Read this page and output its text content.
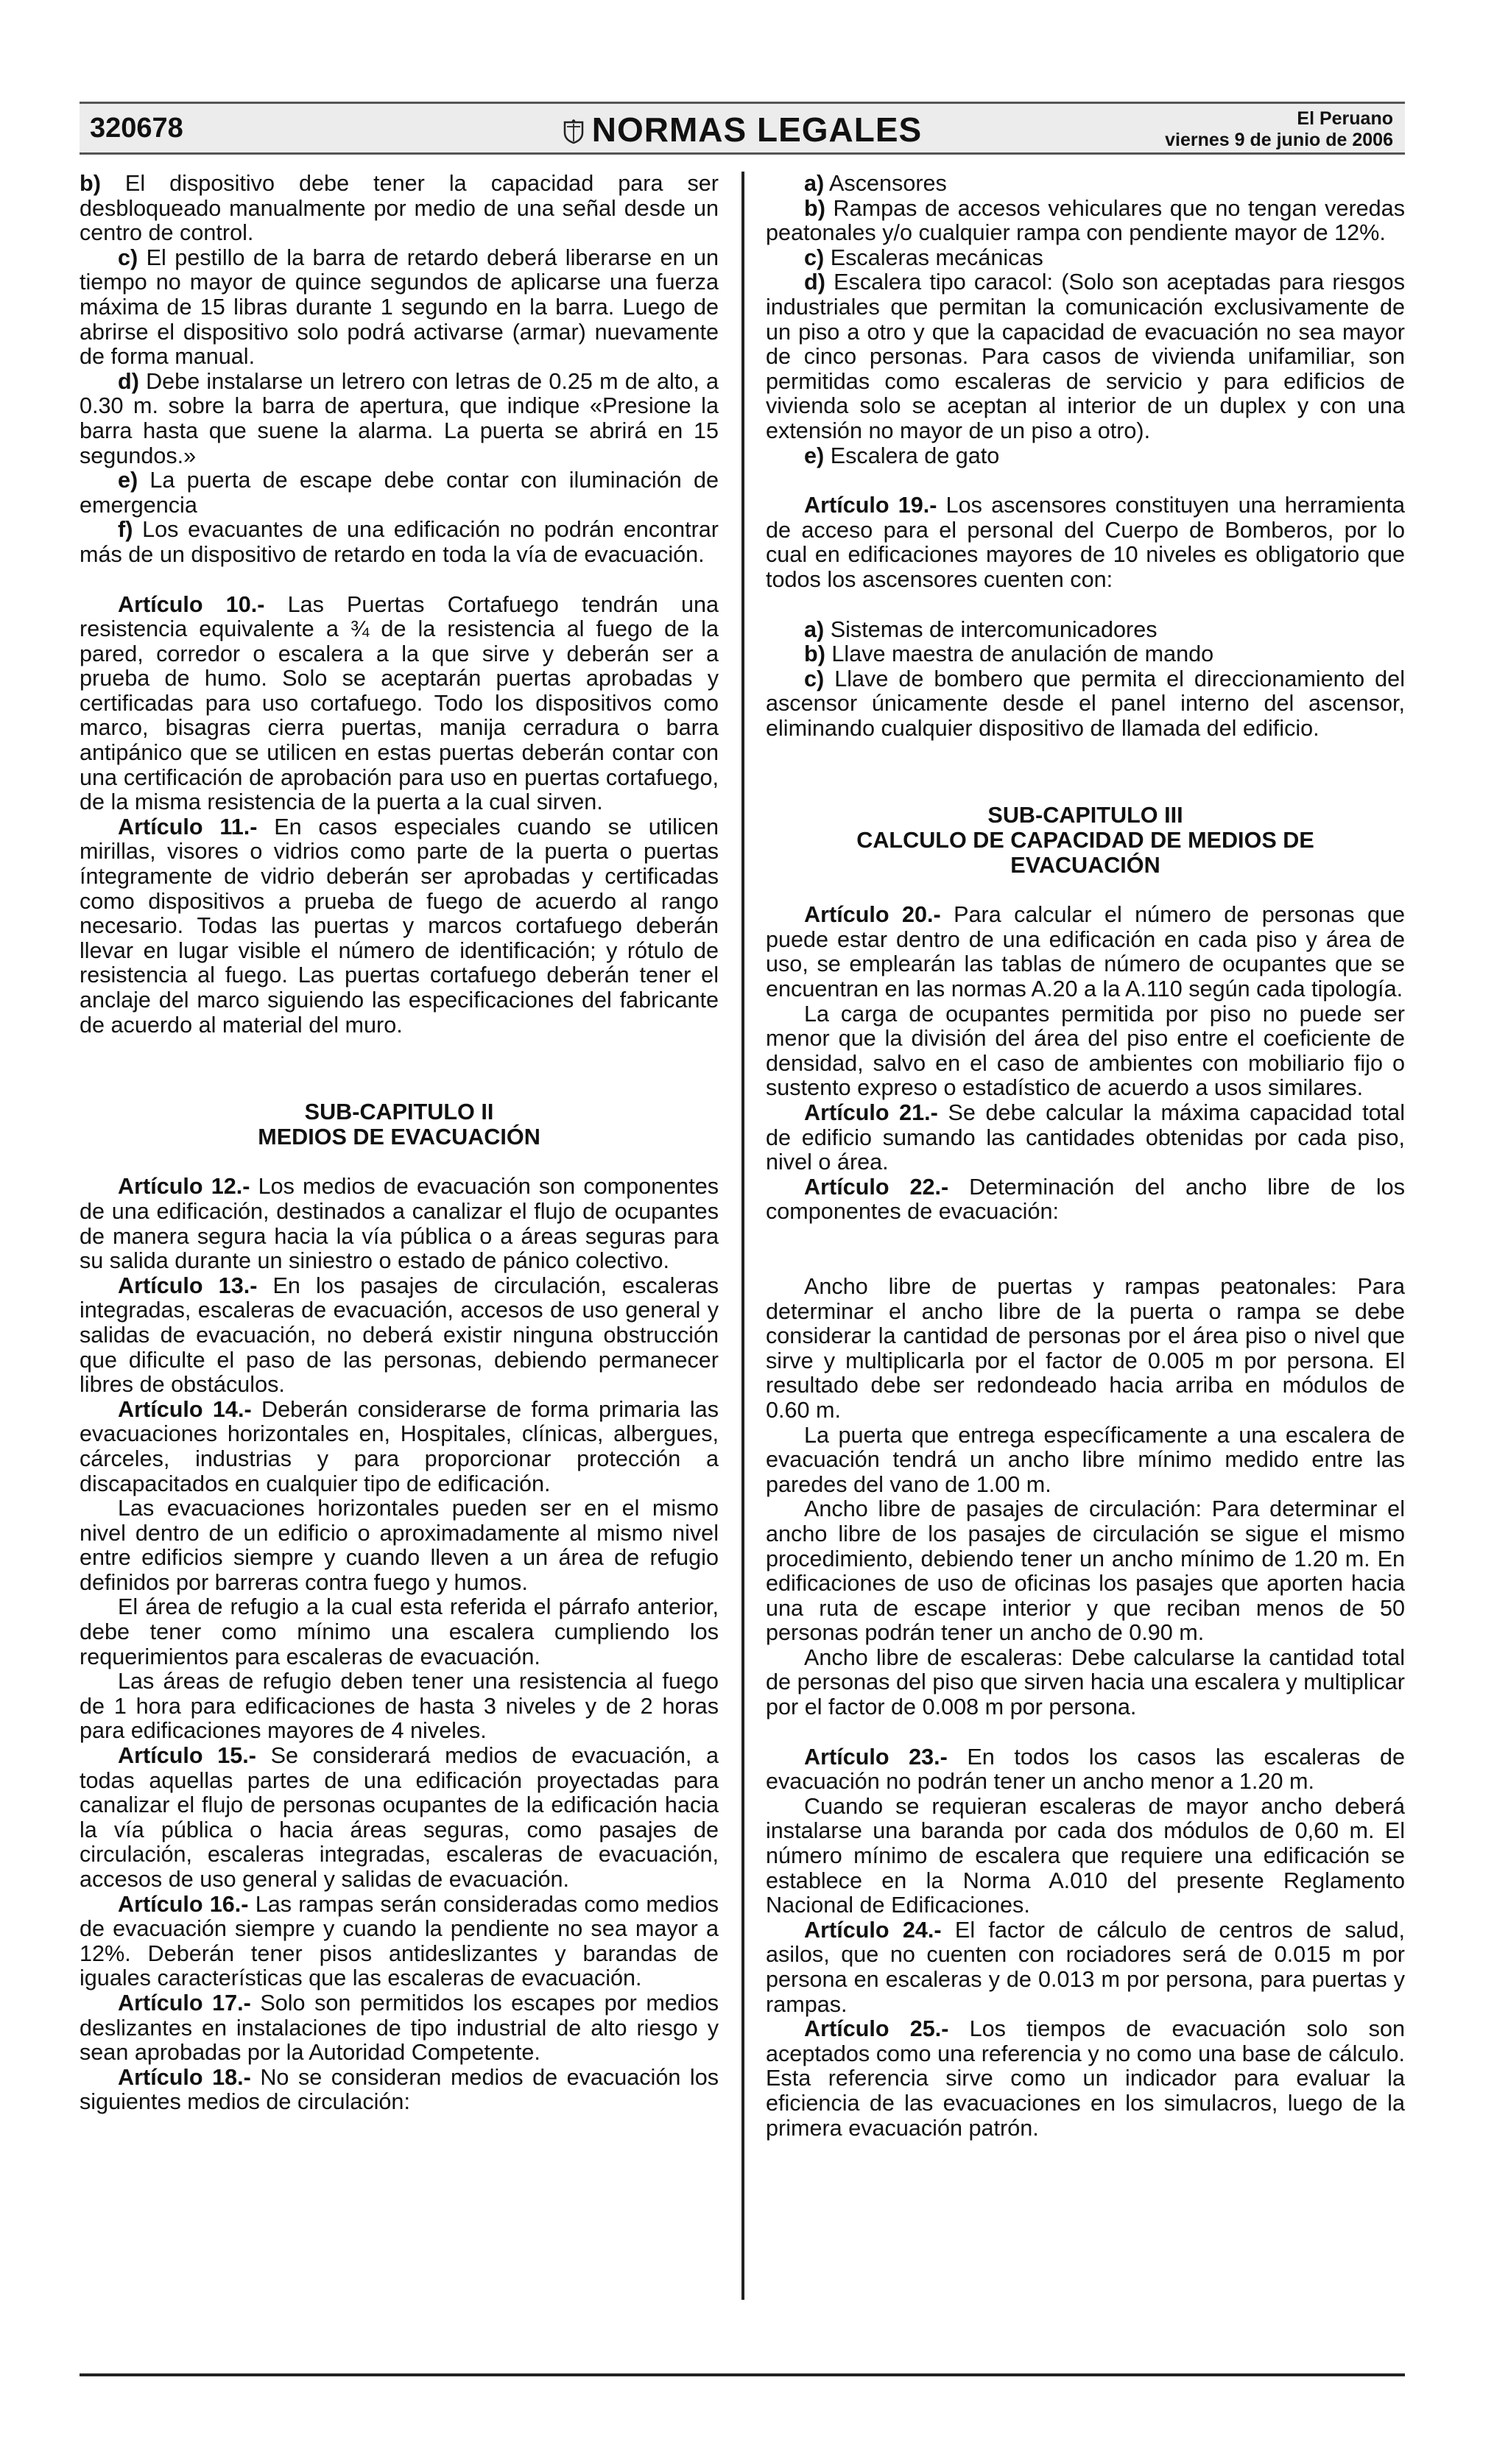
320678	NORMAS LEGALES	El Peruano
viernes 9 de junio de 2006

b) El dispositivo debe tener la capacidad para ser desbloqueado manualmente por medio de una señal desde un centro de control.

c) El pestillo de la barra de retardo deberá liberarse en un tiempo no mayor de quince segundos de aplicarse una fuerza máxima de 15 libras durante 1 segundo en la barra. Luego de abrirse el dispositivo solo podrá activarse (armar) nuevamente de forma manual.

d) Debe instalarse un letrero con letras de 0.25 m de alto, a 0.30 m. sobre la barra de apertura, que indique «Presione la barra hasta que suene la alarma. La puerta se abrirá en 15 segundos.»

e) La puerta de escape debe contar con iluminación de emergencia

f) Los evacuantes de una edificación no podrán encontrar más de un dispositivo de retardo en toda la vía de evacuación.

Artículo 10.- Las Puertas Cortafuego tendrán una resistencia equivalente a ¾ de la resistencia al fuego de la pared, corredor o escalera a la que sirve y deberán ser a prueba de humo. Solo se aceptarán puertas aprobadas y certificadas para uso cortafuego. Todo los dispositivos como marco, bisagras cierra puertas, manija cerradura o barra antipánico que se utilicen en estas puertas deberán contar con una certificación de aprobación para uso en puertas cortafuego, de la misma resistencia de la puerta a la cual sirven.

Artículo 11.- En casos especiales cuando se utilicen mirillas, visores o vidrios como parte de la puerta o puertas íntegramente de vidrio deberán ser aprobadas y certificadas como dispositivos a prueba de fuego de acuerdo al rango necesario. Todas las puertas y marcos cortafuego deberán llevar en lugar visible el número de identificación; y rótulo de resistencia al fuego. Las puertas cortafuego deberán tener el anclaje del marco siguiendo las especificaciones del fabricante de acuerdo al material del muro.

SUB-CAPITULO II
MEDIOS DE EVACUACIÓN

Artículo 12.- Los medios de evacuación son componentes de una edificación, destinados a canalizar el flujo de ocupantes de manera segura hacia la vía pública o a áreas seguras para su salida durante un siniestro o estado de pánico colectivo.

Artículo 13.- En los pasajes de circulación, escaleras integradas, escaleras de evacuación, accesos de uso general y salidas de evacuación, no deberá existir ninguna obstrucción que dificulte el paso de las personas, debiendo permanecer libres de obstáculos.

Artículo 14.- Deberán considerarse de forma primaria las evacuaciones horizontales en, Hospitales, clínicas, albergues, cárceles, industrias y para proporcionar protección a discapacitados en cualquier tipo de edificación.

Las evacuaciones horizontales pueden ser en el mismo nivel dentro de un edificio o aproximadamente al mismo nivel entre edificios siempre y cuando lleven a un área de refugio definidos por barreras contra fuego y humos.

El área de refugio a la cual esta referida el párrafo anterior, debe tener como mínimo una escalera cumpliendo los requerimientos para escaleras de evacuación.

Las áreas de refugio deben tener una resistencia al fuego de 1 hora para edificaciones de hasta 3 niveles y de 2 horas para edificaciones mayores de 4 niveles.

Artículo 15.- Se considerará medios de evacuación, a todas aquellas partes de una edificación proyectadas para canalizar el flujo de personas ocupantes de la edificación hacia la vía pública o hacia áreas seguras, como pasajes de circulación, escaleras integradas, escaleras de evacuación, accesos de uso general y salidas de evacuación.

Artículo 16.- Las rampas serán consideradas como medios de evacuación siempre y cuando la pendiente no sea mayor a 12%. Deberán tener pisos antideslizantes y barandas de iguales características que las escaleras de evacuación.

Artículo 17.- Solo son permitidos los escapes por medios deslizantes en instalaciones de tipo industrial de alto riesgo y sean aprobadas por la Autoridad Competente.

Artículo 18.- No se consideran medios de evacuación los siguientes medios de circulación:

a) Ascensores

b) Rampas de accesos vehiculares que no tengan veredas peatonales y/o cualquier rampa con pendiente mayor de 12%.

c) Escaleras mecánicas

d) Escalera tipo caracol: (Solo son aceptadas para riesgos industriales que permitan la comunicación exclusivamente de un piso a otro y que la capacidad de evacuación no sea mayor de cinco personas. Para casos de vivienda unifamiliar, son permitidas como escaleras de servicio y para edificios de vivienda solo se aceptan al interior de un duplex y con una extensión no mayor de un piso a otro).

e) Escalera de gato

Artículo 19.- Los ascensores constituyen una herramienta de acceso para el personal del Cuerpo de Bomberos, por lo cual en edificaciones mayores de 10 niveles es obligatorio que todos los ascensores cuenten con:

a) Sistemas de intercomunicadores

b) Llave maestra de anulación de mando

c) Llave de bombero que permita el direccionamiento del ascensor únicamente desde el panel interno del ascensor, eliminando cualquier dispositivo de llamada del edificio.

SUB-CAPITULO III
CALCULO DE CAPACIDAD DE MEDIOS DE
EVACUACIÓN

Artículo 20.- Para calcular el número de personas que puede estar dentro de una edificación en cada piso y área de uso, se emplearán las tablas de número de ocupantes que se encuentran en las normas A.20 a la A.110 según cada tipología.

La carga de ocupantes permitida por piso no puede ser menor que la división del área del piso entre el coeficiente de densidad, salvo en el caso de ambientes con mobiliario fijo o sustento expreso o estadístico de acuerdo a usos similares.

Artículo 21.- Se debe calcular la máxima capacidad total de edificio sumando las cantidades obtenidas por cada piso, nivel o área.

Artículo 22.- Determinación del ancho libre de los componentes de evacuación:

Ancho libre de puertas y rampas peatonales: Para determinar el ancho libre de la puerta o rampa se debe considerar la cantidad de personas por el área piso o nivel que sirve y multiplicarla por el factor de 0.005 m por persona. El resultado debe ser redondeado hacia arriba en módulos de 0.60 m.

La puerta que entrega específicamente a una escalera de evacuación tendrá un ancho libre mínimo medido entre las paredes del vano de 1.00 m.

Ancho libre de pasajes de circulación: Para determinar el ancho libre de los pasajes de circulación se sigue el mismo procedimiento, debiendo tener un ancho mínimo de 1.20 m. En edificaciones de uso de oficinas los pasajes que aporten hacia una ruta de escape interior y que reciban menos de 50 personas podrán tener un ancho de 0.90 m.

Ancho libre de escaleras: Debe calcularse la cantidad total de personas del piso que sirven hacia una escalera y multiplicar por el factor de 0.008 m por persona.

Artículo 23.- En todos los casos las escaleras de evacuación no podrán tener un ancho menor a 1.20 m.

Cuando se requieran escaleras de mayor ancho deberá instalarse una baranda por cada dos módulos de 0,60 m. El número mínimo de escalera que requiere una edificación se establece en la Norma A.010 del presente Reglamento Nacional de Edificaciones.

Artículo 24.- El factor de cálculo de centros de salud, asilos, que no cuenten con rociadores será de 0.015 m por persona en escaleras y de 0.013 m por persona, para puertas y rampas.

Artículo 25.- Los tiempos de evacuación solo son aceptados como una referencia y no como una base de cálculo. Esta referencia sirve como un indicador para evaluar la eficiencia de las evacuaciones en los simulacros, luego de la primera evacuación patrón.
